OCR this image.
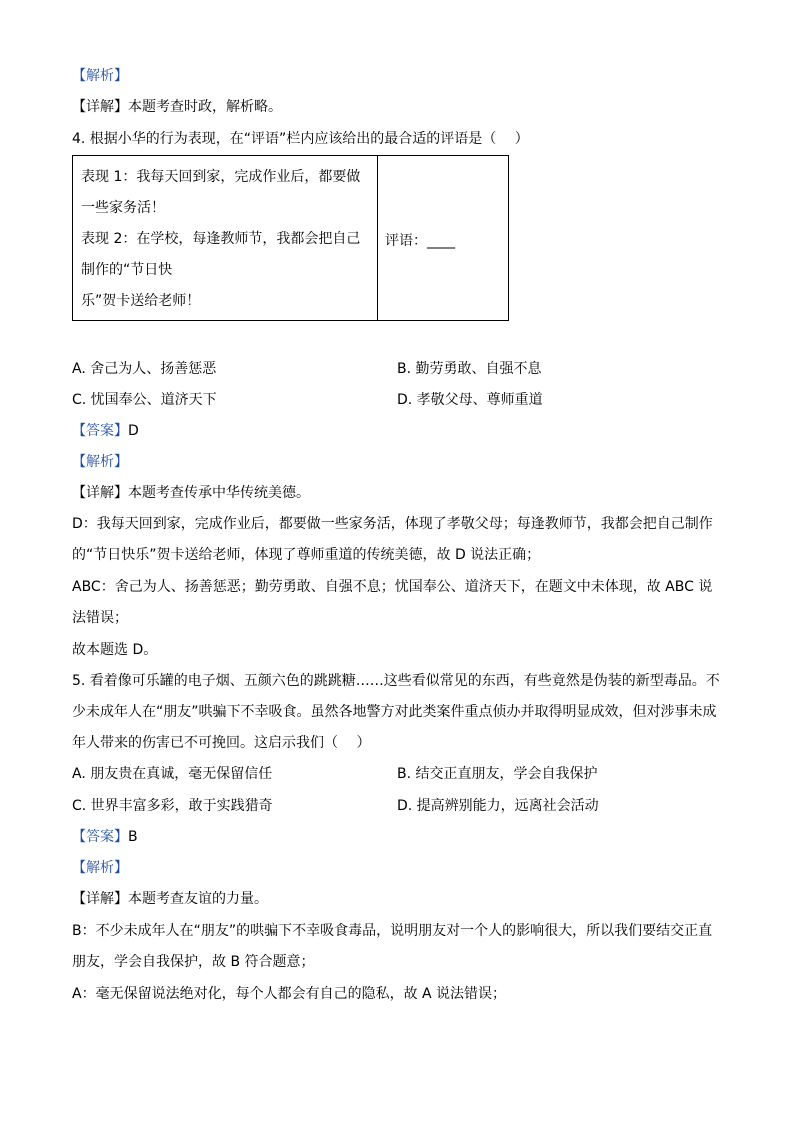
【解析】
【详解】本题考查时政，解析略。
4. 根据小华的行为表现，在“评语”栏内应该给出的最合适的评语是（　 ）
表现 1：我每天回到家，完成作业后，都要做
一些家务活！
表现 2：在学校，每逢教师节，我都会把自己
制作的“节日快
乐”贺卡送给老师！
评语：____
A. 舍己为人、扬善惩恶	B. 勤劳勇敢、自强不息
C. 忧国奉公、道济天下	D. 孝敬父母、尊师重道
【答案】D
【解析】
【详解】本题考查传承中华传统美德。
D：我每天回到家，完成作业后，都要做一些家务活，体现了孝敬父母；每逢教师节，我都会把自己制作
的“节日快乐”贺卡送给老师，体现了尊师重道的传统美德，故 D 说法正确；
ABC：舍己为人、扬善惩恶；勤劳勇敢、自强不息；忧国奉公、道济天下，在题文中未体现，故 ABC 说
法错误；
故本题选 D。
5. 看着像可乐罐的电子烟、五颜六色的跳跳糖……这些看似常见的东西，有些竟然是伪装的新型毒品。不
少未成年人在“朋友”哄骗下不幸吸食。虽然各地警方对此类案件重点侦办并取得明显成效，但对涉事未成
年人带来的伤害已不可挽回。这启示我们（　 ）
A. 朋友贵在真诚，毫无保留信任	B. 结交正直朋友，学会自我保护
C. 世界丰富多彩，敢于实践猎奇	D. 提高辨别能力，远离社会活动
【答案】B
【解析】
【详解】本题考查友谊的力量。
B：不少未成年人在“朋友”的哄骗下不幸吸食毒品，说明朋友对一个人的影响很大，所以我们要结交正直
朋友，学会自我保护，故 B 符合题意；
A：毫无保留说法绝对化，每个人都会有自己的隐私，故 A 说法错误；
